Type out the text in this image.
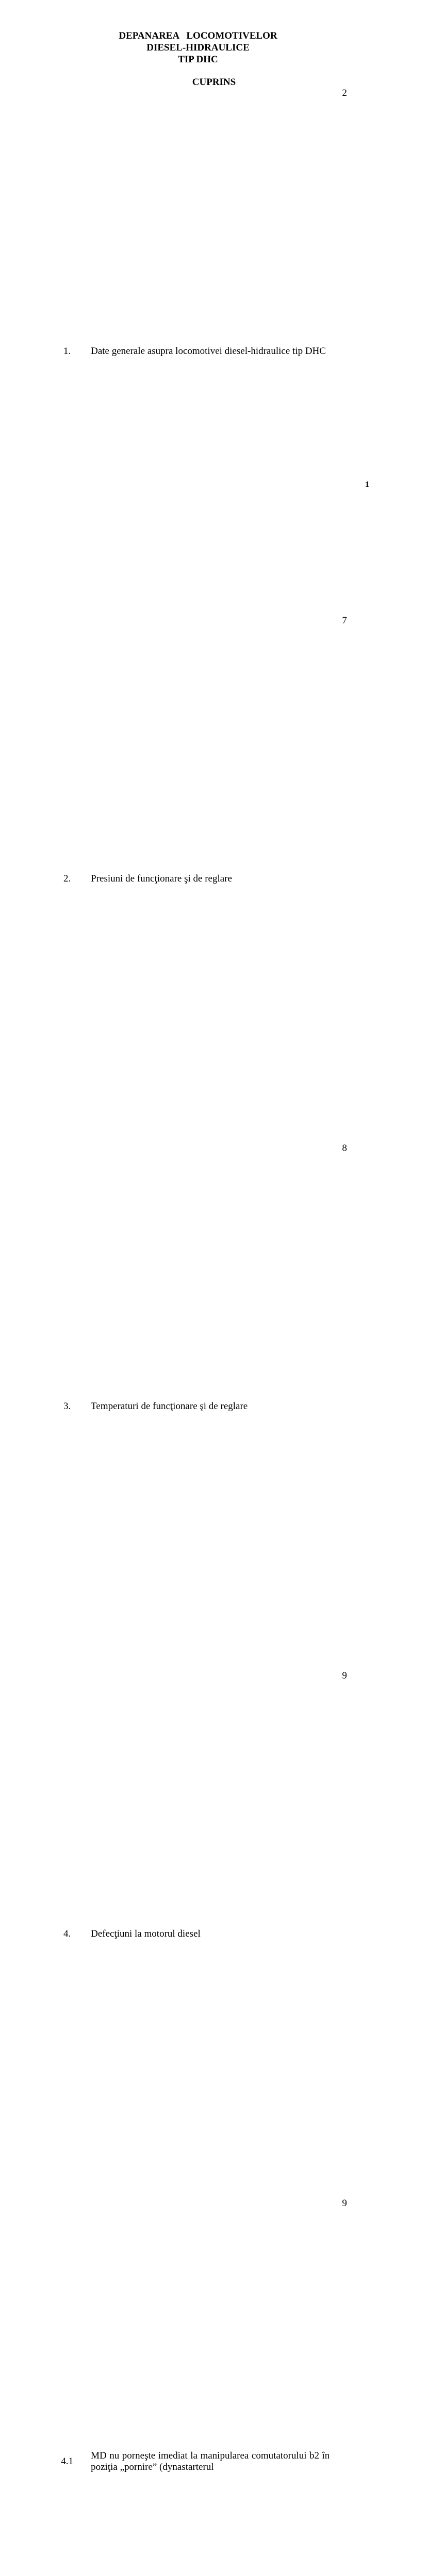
DEPANAREA   LOCOMOTIVELOR
DIESEL-HIDRAULICE
TIP DHC
CUPRINS
1.	Date generale asupra locomotivei diesel-hidraulice tip DHC	2
2.	Presiuni de funcţionare şi de reglare	7
3.	Temperaturi de funcţionare şi de reglare	8
4.	Defecţiuni la motorul diesel	9
4.1	MD nu porneşte imediat la manipularea comutatorului b2 în poziţia „pornire” (dynastarterul	9

1
